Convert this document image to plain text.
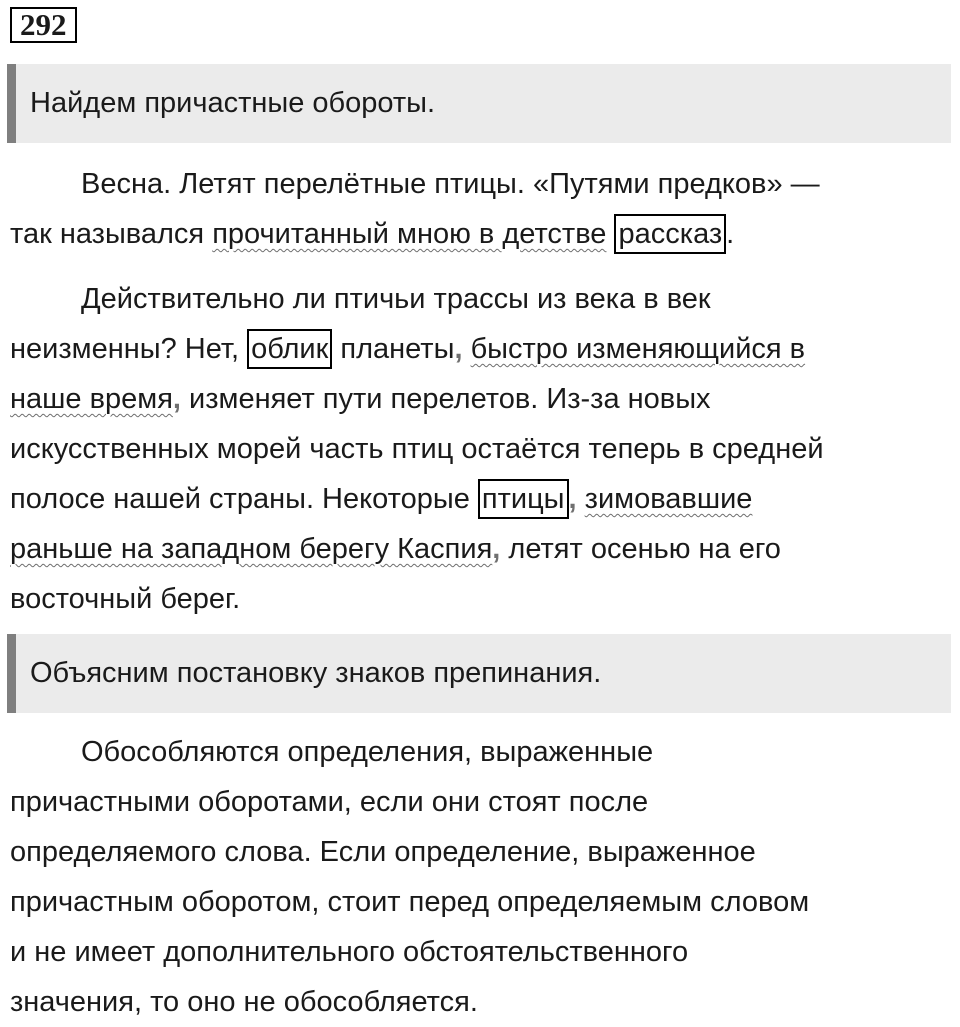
292
Найдем причастные обороты.
Весна. Летят перелётные птицы. «Путями предков» —
так назывался прочитанный мною в детстве рассказ .
Действительно ли птичьи трассы из века в век
неизменны? Нет, облик планеты, быстро изменяющийся в
наше время, изменяет пути перелетов. Из-за новых
искусственных морей часть птиц остаётся теперь в средней
полосе нашей страны. Некоторые птицы , зимовавшие
раньше на западном берегу Каспия, летят осенью на его
восточный берег.
Объясним постановку знаков препинания.
Обособляются определения, выраженные
причастными оборотами, если они стоят после
определяемого слова. Если определение, выраженное
причастным оборотом, стоит перед определяемым словом
и не имеет дополнительного обстоятельственного
значения, то оно не обособляется.
